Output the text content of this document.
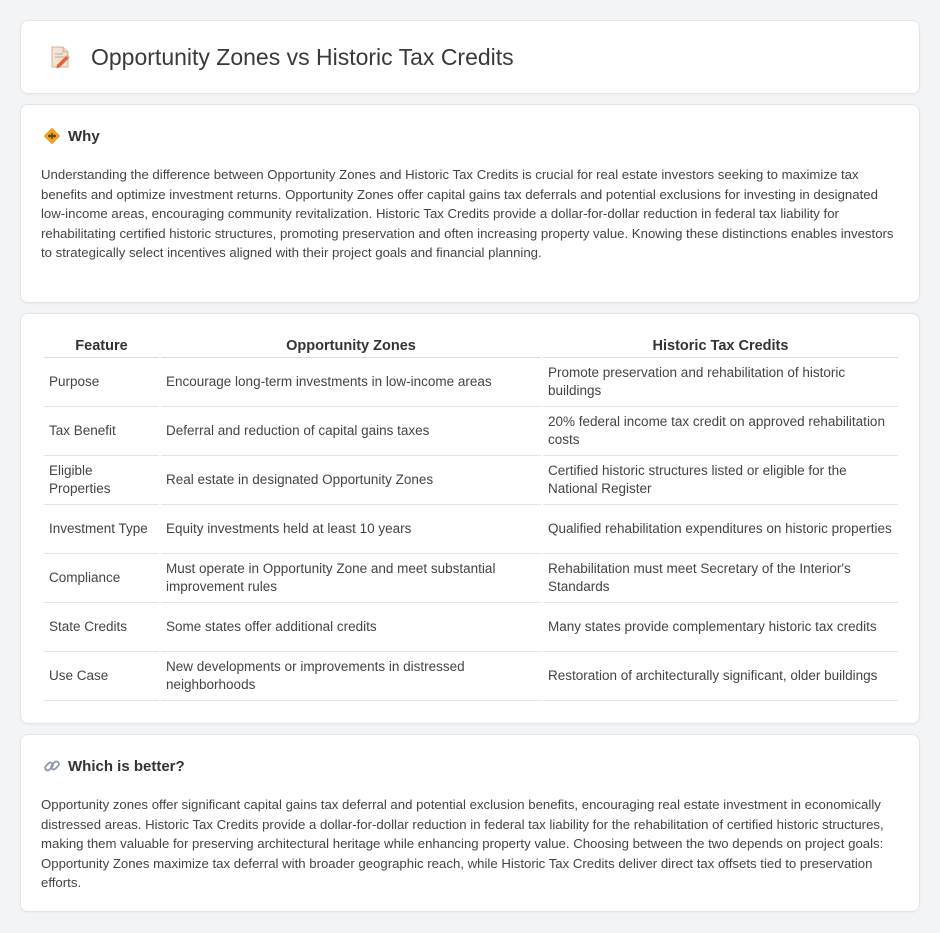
Opportunity Zones vs Historic Tax Credits
Why

Understanding the difference between Opportunity Zones and Historic Tax Credits is crucial for real estate investors seeking to maximize tax benefits and optimize investment returns. Opportunity Zones offer capital gains tax deferrals and potential exclusions for investing in designated low-income areas, encouraging community revitalization. Historic Tax Credits provide a dollar-for-dollar reduction in federal tax liability for rehabilitating certified historic structures, promoting preservation and often increasing property value. Knowing these distinctions enables investors to strategically select incentives aligned with their project goals and financial planning.

Feature	Opportunity Zones	Historic Tax Credits
Purpose	Encourage long-term investments in low-income areas	Promote preservation and rehabilitation of historic buildings
Tax Benefit	Deferral and reduction of capital gains taxes	20% federal income tax credit on approved rehabilitation costs
Eligible Properties	Real estate in designated Opportunity Zones	Certified historic structures listed or eligible for the National Register
Investment Type	Equity investments held at least 10 years	Qualified rehabilitation expenditures on historic properties
Compliance	Must operate in Opportunity Zone and meet substantial improvement rules	Rehabilitation must meet Secretary of the Interior's Standards
State Credits	Some states offer additional credits	Many states provide complementary historic tax credits
Use Case	New developments or improvements in distressed neighborhoods	Restoration of architecturally significant, older buildings
Which is better?

Opportunity zones offer significant capital gains tax deferral and potential exclusion benefits, encouraging real estate investment in economically distressed areas. Historic Tax Credits provide a dollar-for-dollar reduction in federal tax liability for the rehabilitation of certified historic structures, making them valuable for preserving architectural heritage while enhancing property value. Choosing between the two depends on project goals: Opportunity Zones maximize tax deferral with broader geographic reach, while Historic Tax Credits deliver direct tax offsets tied to preservation efforts.
